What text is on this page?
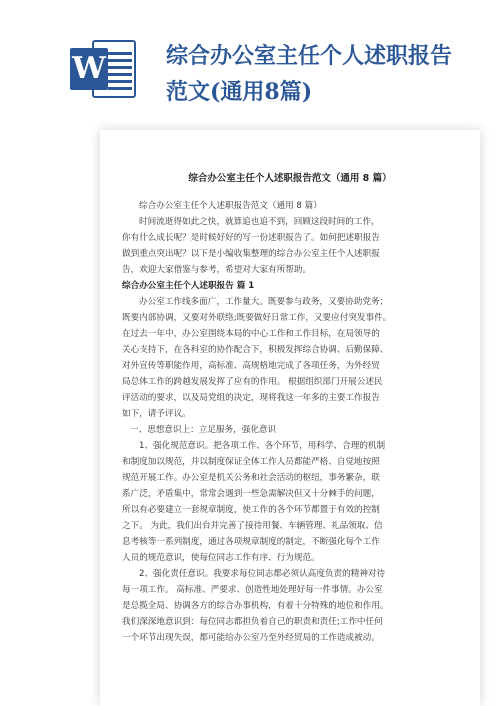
W	综合办公室主任个人述职报告范文(通用8篇)
综合办公室主任个人述职报告范文（通用 8 篇）

综合办公室主任个人述职报告范文（通用 8 篇）

时间流逝得如此之快，就算追也追不到，回顾这段时间的工作，

你有什么成长呢？是时候好好的写一份述职报告了。如何把述职报告

做到重点突出呢？以下是小编收集整理的综合办公室主任个人述职报

告，欢迎大家借鉴与参考，希望对大家有所帮助。

综合办公室主任个人述职报告 篇 1

办公室工作线多面广，工作量大。既要参与政务，又要协助党务；

既要内部协调，又要对外联络;既要做好日常工作，又要应付突发事件。

在过去一年中，办公室围绕本局的中心工作和工作目标，在局领导的

关心支持下，在各科室的协作配合下，积极发挥综合协调、后勤保障、

对外宣传等职能作用，高标准、高规格地完成了各项任务，为外经贸

局总体工作的跨越发展发挥了应有的作用。 根据组织部门开展公述民

评活动的要求，以及局党组的决定，现将我这一年多的主要工作报告

如下，请予评议。

一、思想意识上：立足服务，强化意识

1、强化规范意识。把各项工作、各个环节，用科学、合理的机制

和制度加以规范，并以制度保证全体工作人员都能严格、自觉地按照

规范开展工作。办公室是机关公务和社会活动的枢纽，事务繁杂，联

系广泛，矛盾集中，常常会遇到一些急需解决但又十分棘手的问题，

所以有必要建立一套规章制度，使工作的各个环节都置于有效的控制

之下。 为此，我们出台并完善了接待用餐、车辆管理、礼品领取、信

息考核等一系列制度，通过各项规章制度的制定，不断强化每个工作

人员的规范意识，使每位同志工作有序、行为规范。

2、强化责任意识。我要求每位同志都必须认高度负责的精神对待

每一项工作。 高标准、严要求、创造性地处理好每一件事情。办公室

是总揽全局、协调各方的综合办事机构，有着十分特殊的地位和作用。

我们深深地意识到：每位同志都担负着自己的职责和责任;工作中任何

一个环节出现失误，都可能给办公室乃至外经贸局的工作造成被动。
